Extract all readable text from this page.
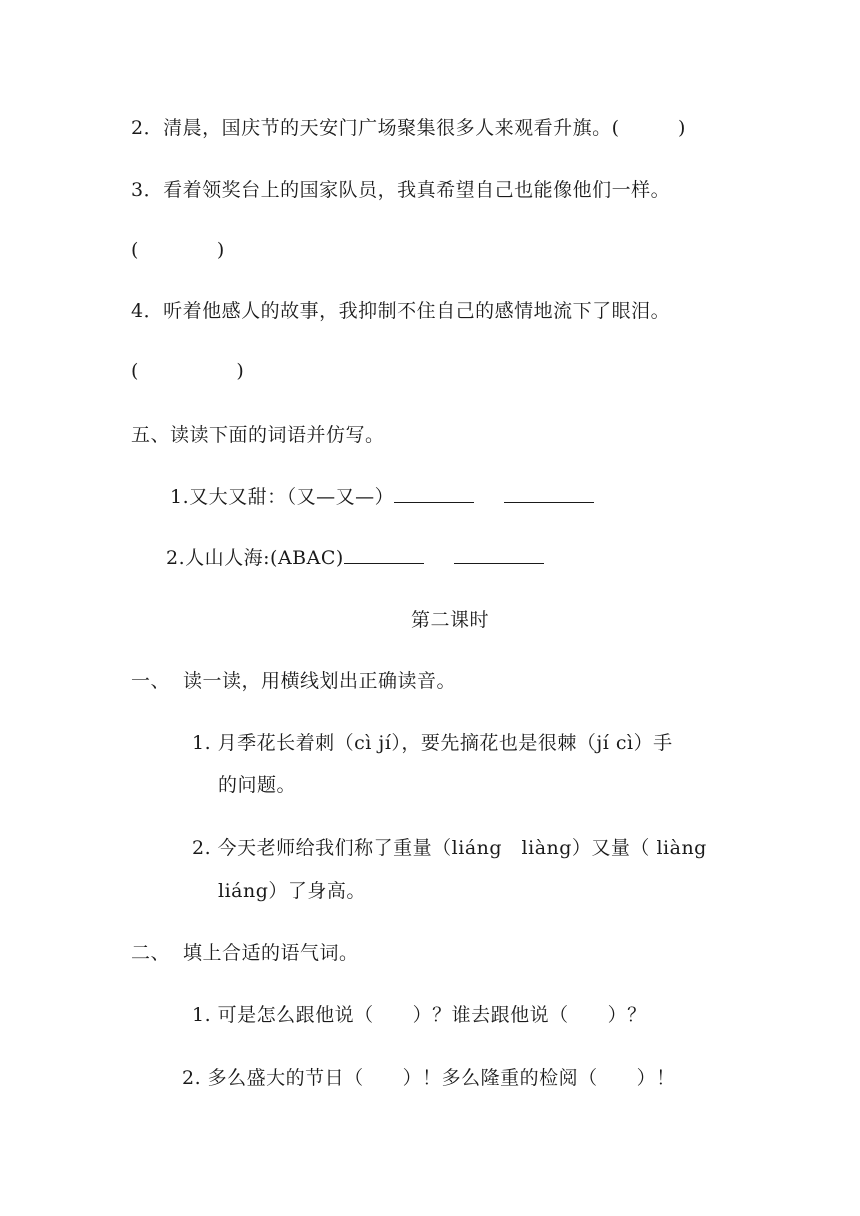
2．清晨，国庆节的天安门广场聚集很多人来观看升旗。(　　　)
3．看着领奖台上的国家队员，我真希望自己也能像他们一样。
(　　　　)
4．听着他感人的故事，我抑制不住自己的感情地流下了眼泪。
(　　　　　)
五、读读下面的词语并仿写。
1.又大又甜：（又—又—）
2.人山人海:(ABAC)
第二课时
一、 读一读，用横线划出正确读音。
1. 月季花长着刺（cì jí），要先摘花也是很棘（jí cì）手
的问题。
2. 今天老师给我们称了重量（liáng　liàng）又量（ liàng
liáng）了身高。
二、 填上合适的语气词。
1. 可是怎么跟他说（　　）？谁去跟他说（　　）？
2. 多么盛大的节日（　　）！多么隆重的检阅（　　）！
